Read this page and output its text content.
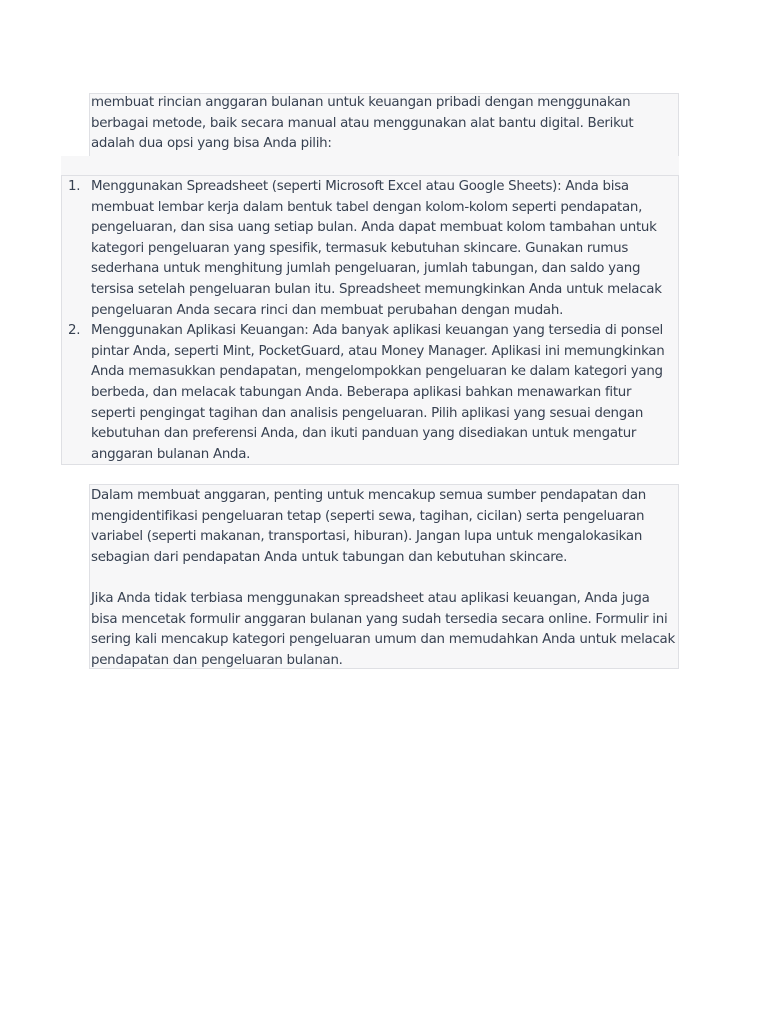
membuat rincian anggaran bulanan untuk keuangan pribadi dengan menggunakan berbagai metode, baik secara manual atau menggunakan alat bantu digital. Berikut adalah dua opsi yang bisa Anda pilih:

1. Menggunakan Spreadsheet (seperti Microsoft Excel atau Google Sheets): Anda bisa membuat lembar kerja dalam bentuk tabel dengan kolom-kolom seperti pendapatan, pengeluaran, dan sisa uang setiap bulan. Anda dapat membuat kolom tambahan untuk kategori pengeluaran yang spesifik, termasuk kebutuhan skincare. Gunakan rumus sederhana untuk menghitung jumlah pengeluaran, jumlah tabungan, dan saldo yang tersisa setelah pengeluaran bulan itu. Spreadsheet memungkinkan Anda untuk melacak pengeluaran Anda secara rinci dan membuat perubahan dengan mudah.
2. Menggunakan Aplikasi Keuangan: Ada banyak aplikasi keuangan yang tersedia di ponsel pintar Anda, seperti Mint, PocketGuard, atau Money Manager. Aplikasi ini memungkinkan Anda memasukkan pendapatan, mengelompokkan pengeluaran ke dalam kategori yang berbeda, dan melacak tabungan Anda. Beberapa aplikasi bahkan menawarkan fitur seperti pengingat tagihan dan analisis pengeluaran. Pilih aplikasi yang sesuai dengan kebutuhan dan preferensi Anda, dan ikuti panduan yang disediakan untuk mengatur anggaran bulanan Anda.

Dalam membuat anggaran, penting untuk mencakup semua sumber pendapatan dan mengidentifikasi pengeluaran tetap (seperti sewa, tagihan, cicilan) serta pengeluaran variabel (seperti makanan, transportasi, hiburan). Jangan lupa untuk mengalokasikan sebagian dari pendapatan Anda untuk tabungan dan kebutuhan skincare.

Jika Anda tidak terbiasa menggunakan spreadsheet atau aplikasi keuangan, Anda juga bisa mencetak formulir anggaran bulanan yang sudah tersedia secara online. Formulir ini sering kali mencakup kategori pengeluaran umum dan memudahkan Anda untuk melacak pendapatan dan pengeluaran bulanan.
